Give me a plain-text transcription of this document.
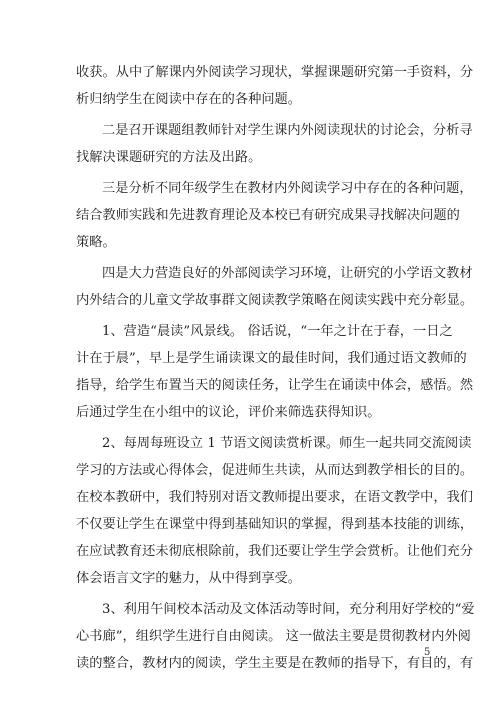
收获。从中了解课内外阅读学习现状，掌握课题研究第一手资料，分
析归纳学生在阅读中存在的各种问题。
二是召开课题组教师针对学生课内外阅读现状的讨论会，分析寻
找解决课题研究的方法及出路。
三是分析不同年级学生在教材内外阅读学习中存在的各种问题，
结合教师实践和先进教育理论及本校已有研究成果寻找解决问题的
策略。
四是大力营造良好的外部阅读学习环境，让研究的小学语文教材
内外结合的儿童文学故事群文阅读教学策略在阅读实践中充分彰显。
1、营造“晨读”风景线。 俗话说，“一年之计在于春，一日之
计在于晨”，早上是学生诵读课文的最佳时间，我们通过语文教师的
指导，给学生布置当天的阅读任务，让学生在诵读中体会，感悟。然
后通过学生在小组中的议论，评价来筛选获得知识。
2、每周每班设立 1 节语文阅读赏析课。师生一起共同交流阅读
学习的方法或心得体会，促进师生共读，从而达到教学相长的目的。
在校本教研中，我们特别对语文教师提出要求，在语文教学中，我们
不仅要让学生在课堂中得到基础知识的掌握，得到基本技能的训练，
在应试教育还未彻底根除前，我们还要让学生学会赏析。让他们充分
体会语言文字的魅力，从中得到享受。
3、利用午间校本活动及文体活动等时间，充分利用好学校的“爱
心书廊”，组织学生进行自由阅读。 这一做法主要是贯彻教材内外阅
读的整合，教材内的阅读，学生主要是在教师的指导下，有目的，有
5
